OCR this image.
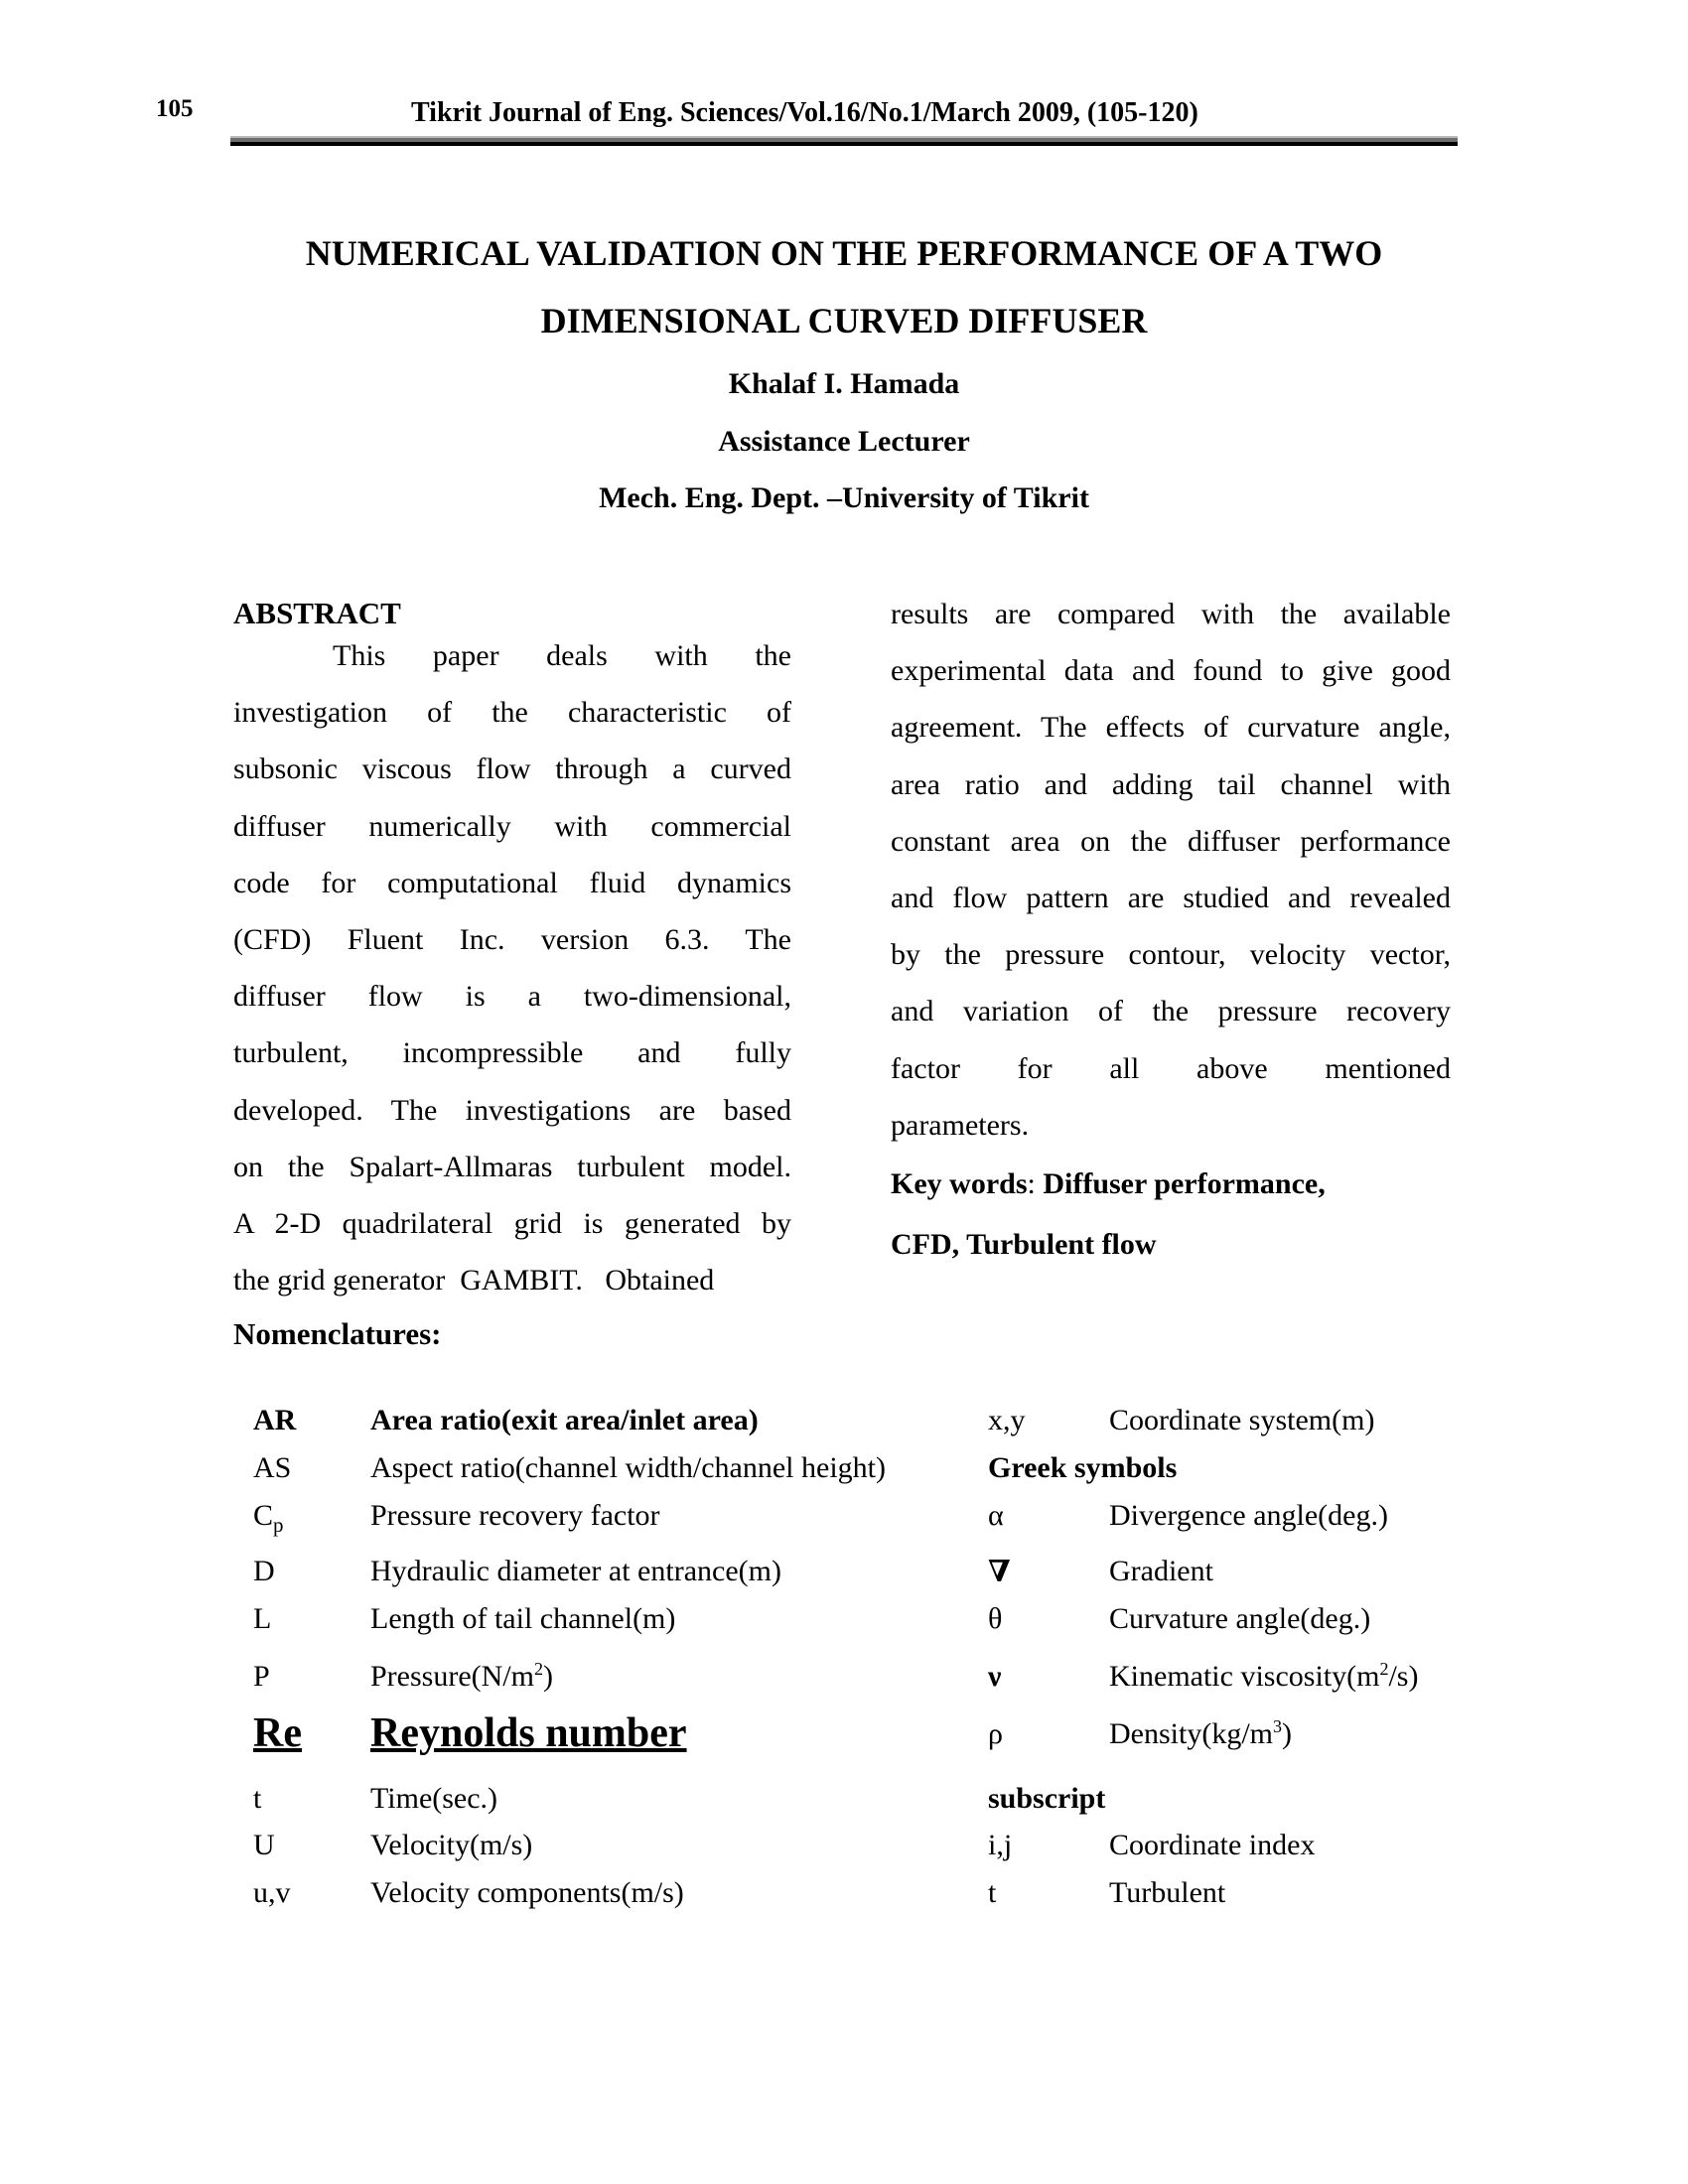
105	Tikrit Journal of Eng. Sciences/Vol.16/No.1/March 2009, (105-120)
NUMERICAL VALIDATION ON THE PERFORMANCE OF A TWO
DIMENSIONAL CURVED DIFFUSER
Khalaf I. Hamada
Assistance Lecturer
Mech. Eng. Dept. –University of Tikrit
ABSTRACT
This paper deals with the
investigation of the characteristic of
subsonic viscous flow through a curved
diffuser numerically with commercial
code for computational fluid dynamics
(CFD) Fluent Inc. version 6.3. The
diffuser flow is a two-dimensional,
turbulent, incompressible and fully
developed. The investigations are based
on the Spalart-Allmaras turbulent model.
A 2-D quadrilateral grid is generated by
the grid generator  GAMBIT.   Obtained
results are compared with the available
experimental data and found to give good
agreement. The effects of curvature angle,
area ratio and adding tail channel with
constant area on the diffuser performance
and flow pattern are studied and revealed
by the pressure contour, velocity vector,
and variation of the pressure recovery
factor for all above mentioned
parameters.
Key words: Diffuser performance,
CFD, Turbulent flow
Nomenclatures:
AR Area ratio(exit area/inlet area)
AS	Aspect ratio(channel width/channel height)
$C_p$	Pressure recovery factor
D	Hydraulic diameter at entrance(m)
L	Length of tail channel(m)
P	$Pressure(N/m^2)$
Re Reynolds number
t	Time(sec.)
U	Velocity(m/s)
u,v	Velocity components(m/s)
x,y	Coordinate system(m)
Greek symbols
α	Divergence angle(deg.)
∇	Gradient
θ	Curvature angle(deg.)
ν	Kinematic $viscosity(m^2/s)$
ρ	$Density(kg/m^3)$
subscript
i,j	Coordinate index
t	Turbulent
